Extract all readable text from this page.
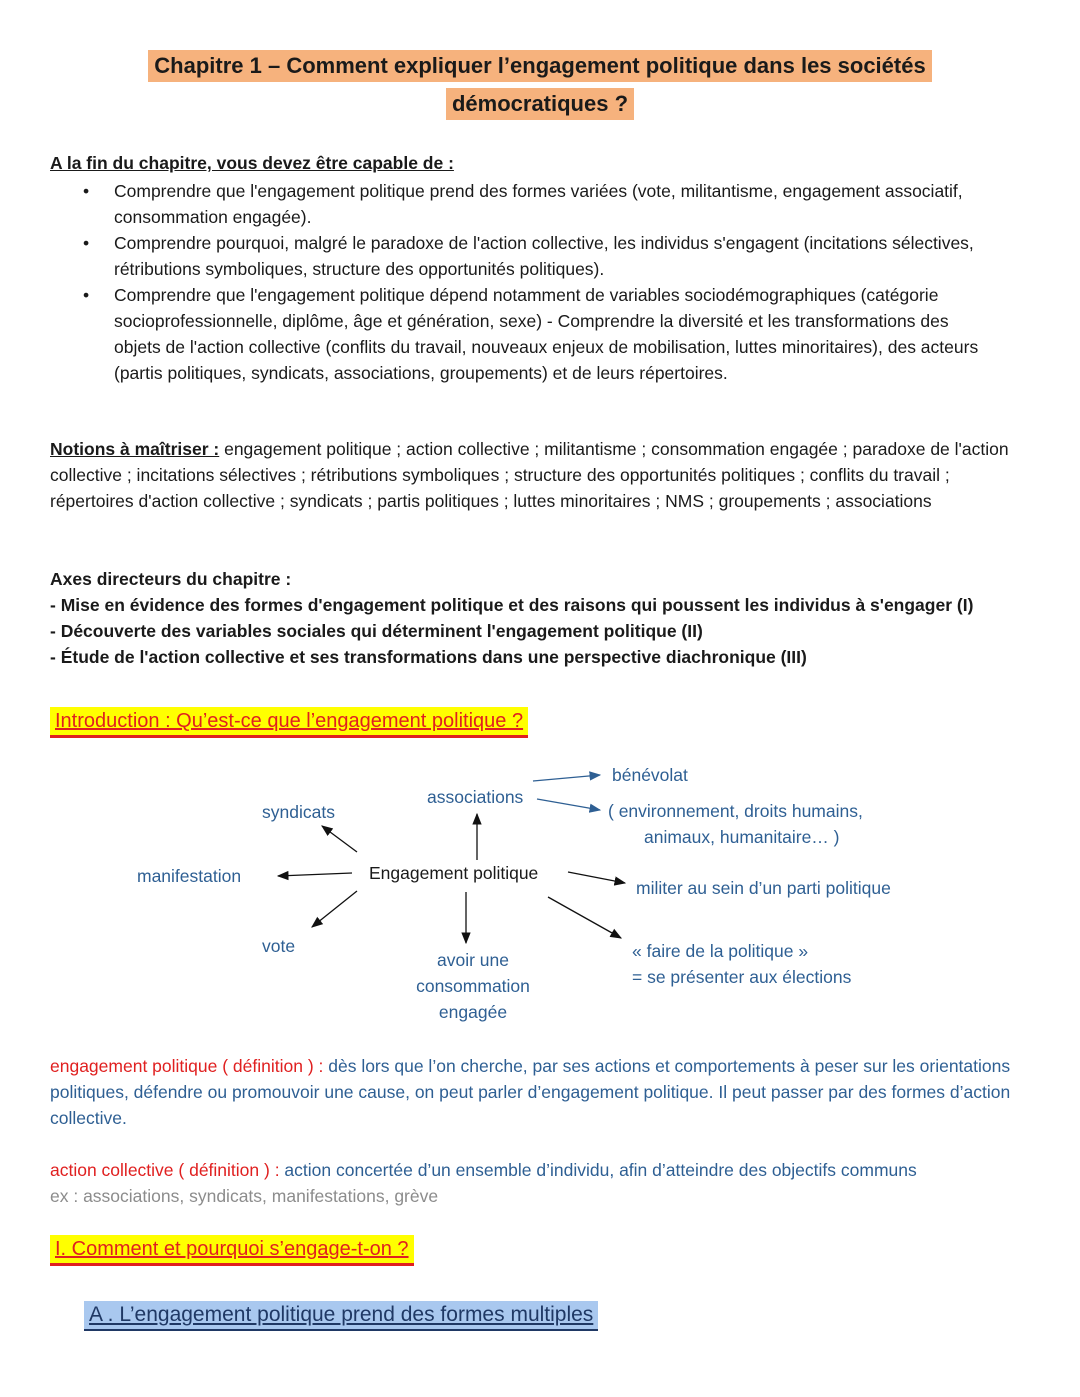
Chapitre 1 – Comment expliquer l’engagement politique dans les sociétés
démocratiques ?
A la fin du chapitre, vous devez être capable de :
• Comprendre que l'engagement politique prend des formes variées (vote, militantisme, engagement associatif, consommation engagée).
• Comprendre pourquoi, malgré le paradoxe de l'action collective, les individus s'engagent (incitations sélectives, rétributions symboliques, structure des opportunités politiques).
• Comprendre que l'engagement politique dépend notamment de variables sociodémographiques (catégorie socioprofessionnelle, diplôme, âge et génération, sexe) - Comprendre la diversité et les transformations des objets de l'action collective (conflits du travail, nouveaux enjeux de mobilisation, luttes minoritaires), des acteurs (partis politiques, syndicats, associations, groupements) et de leurs répertoires.
Notions à maîtriser : engagement politique ; action collective ; militantisme ; consommation engagée ; paradoxe de l'action collective ; incitations sélectives ; rétributions symboliques ; structure des opportunités politiques ; conflits du travail ; répertoires d'action collective ; syndicats ; partis politiques ; luttes minoritaires ; NMS ; groupements ; associations
Axes directeurs du chapitre :
- Mise en évidence des formes d'engagement politique et des raisons qui poussent les individus à s'engager (I)
- Découverte des variables sociales qui déterminent l'engagement politique (II)
- Étude de l'action collective et ses transformations dans une perspective diachronique (III)
Introduction : Qu’est-ce que l’engagement politique ?
Engagement politique
associations
bénévolat
( environnement, droits humains,
animaux, humanitaire… )
syndicats
manifestation
vote
militer au sein d’un parti politique
« faire de la politique »
= se présenter aux élections
avoir une
consommation
engagée
engagement politique ( définition ) : dès lors que l’on cherche, par ses actions et comportements à peser sur les orientations politiques, défendre ou promouvoir une cause, on peut parler d’engagement politique. Il peut passer par des formes d’action collective.
action collective ( définition ) : action concertée d’un ensemble d’individu, afin d’atteindre des objectifs communs
ex : associations, syndicats, manifestations, grève
I. Comment et pourquoi s’engage-t-on ?
A . L’engagement politique prend des formes multiples
